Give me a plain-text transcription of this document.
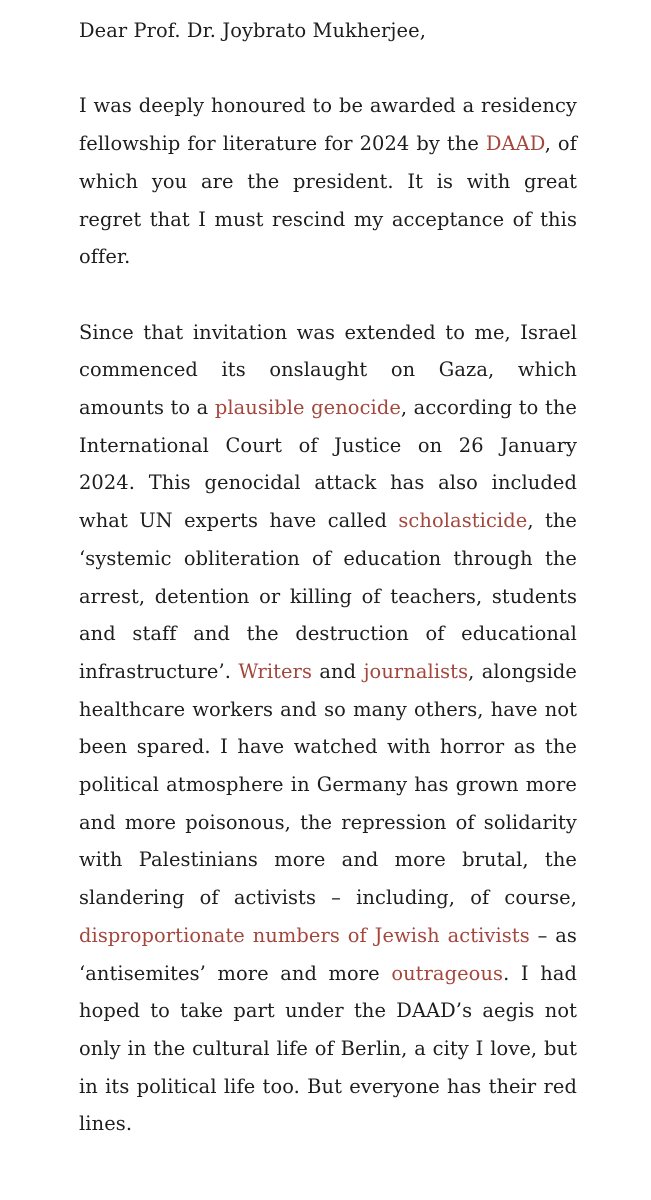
Dear Prof. Dr. Joybrato Mukherjee,

I was deeply honoured to be awarded a residency fellowship for literature for 2024 by the DAAD, of which you are the president. It is with great regret that I must rescind my acceptance of this offer.

Since that invitation was extended to me, Israel commenced its onslaught on Gaza, which amounts to a plausible genocide, according to the International Court of Justice on 26 January 2024. This genocidal attack has also included what UN experts have called scholasticide, the ‘systemic obliteration of education through the arrest, detention or killing of teachers, students and staff and the destruction of educational infrastructure’. Writers and journalists, alongside healthcare workers and so many others, have not been spared. I have watched with horror as the political atmosphere in Germany has grown more and more poisonous, the repression of solidarity with Palestinians more and more brutal, the slandering of activists – including, of course, disproportionate numbers of Jewish activists – as ‘antisemites’ more and more outrageous. I had hoped to take part under the DAAD’s aegis not only in the cultural life of Berlin, a city I love, but in its political life too. But everyone has their red lines.
